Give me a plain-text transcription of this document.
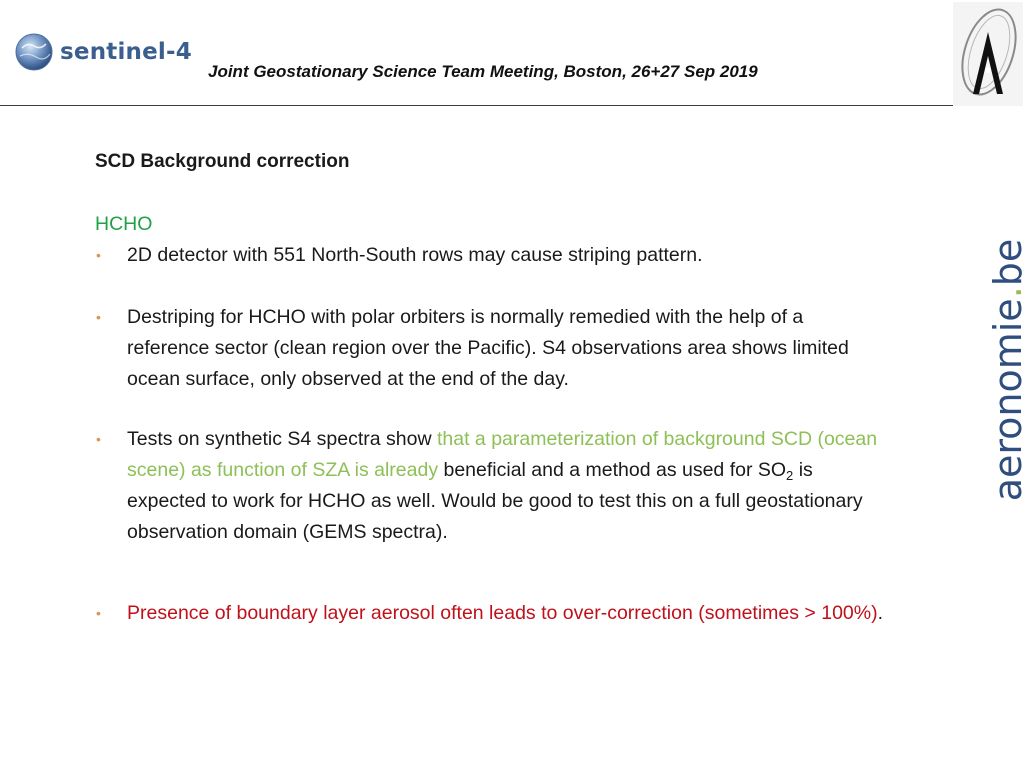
sentinel-4
Joint Geostationary Science Team Meeting, Boston, 26+27 Sep 2019
aeronomie.be
SCD Background correction
HCHO
• 2D detector with 551 North-South rows may cause striping pattern.
• Destriping for HCHO with polar orbiters is normally remedied with the help of a reference sector (clean region over the Pacific). S4 observations area shows limited ocean surface, only observed at the end of the day.
• Tests on synthetic S4 spectra show that a parameterization of background SCD (ocean scene) as function of SZA is already beneficial and a method as used for $SO_2$ is expected to work for HCHO as well. Would be good to test this on a full geostationary observation domain (GEMS spectra).
• Presence of boundary layer aerosol often leads to over-correction (sometimes > 100%).
